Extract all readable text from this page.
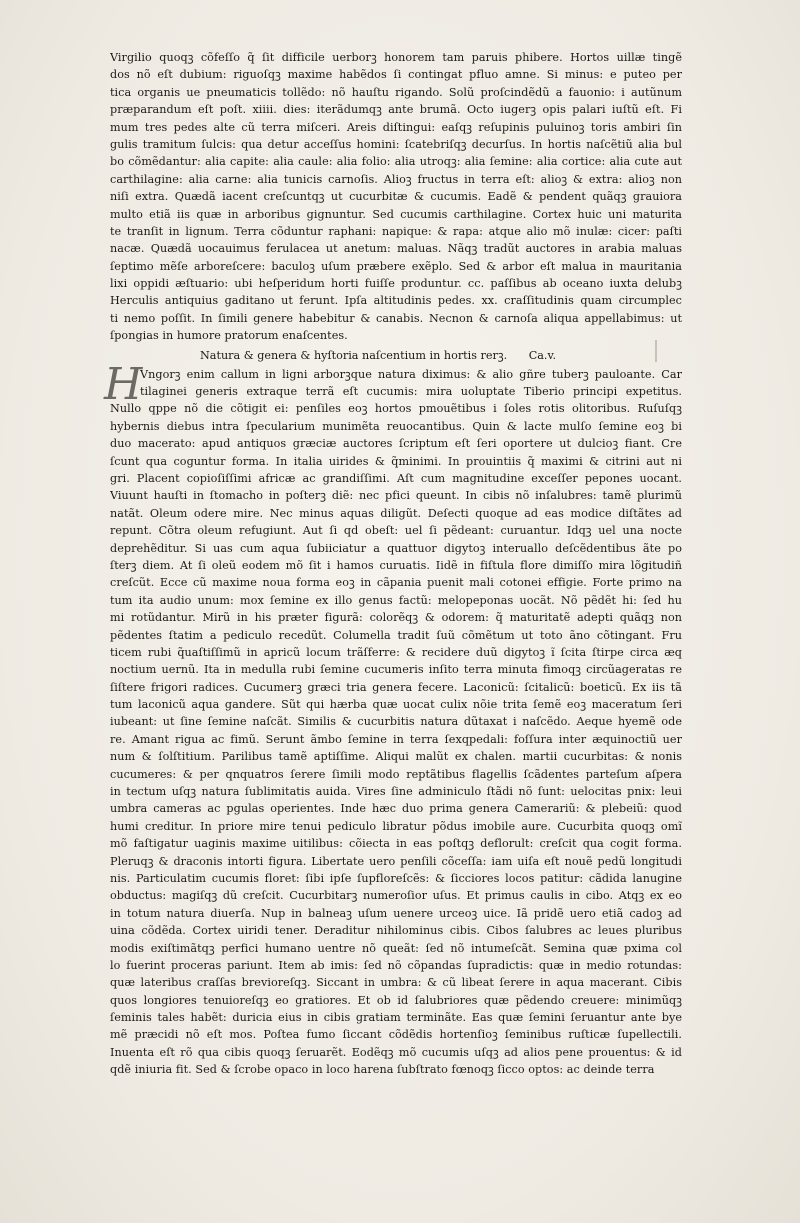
Virgilio quoqꝫ cõfeſſo q̃ ſit difficile uerborꝫ honorem tam paruis phibere. Hortos uillæ tingẽ
dos nõ eſt dubium: riguoſqꝫ maxime habẽdos ſi contingat pfluo amne. Si minus: e puteo per
tica organis ue pneumaticis tollẽdo: nõ hauſtu rigando. Solũ proſcindẽdũ a fauonio: i autũnum
præparandum eſt poſt. xiiii. dies: iterãdumqꝫ ante brumã. Octo iugerꝫ opis palari iuſtũ eſt. Fi
mum tres pedes alte cũ terra miſceri. Areis diſtingui: eaſqꝫ reſupinis puluinoꝫ toris ambiri ſin
gulis tramitum ſulcis: qua detur acceſſus homini: ſcatebriſqꝫ decurſus. In hortis naſcẽtiũ alia bul
bo cõmẽdantur: alia capite: alia caule: alia folio: alia utroqꝫ: alia ſemine: alia cortice: alia cute aut
carthilagine: alia carne: alia tunicis carnoſis. Alioꝫ fructus in terra eſt: alioꝫ & extra: alioꝫ non
niſi extra. Quædã iacent creſcuntqꝫ ut cucurbitæ & cucumis. Eadẽ & pendent quãqꝫ grauiora
multo etiã iis quæ in arboribus gignuntur. Sed cucumis carthilagine. Cortex huic uni maturita
te tranſit in lignum. Terra cõduntur raphani: napique: & rapa: atque alio mõ inulæ: cicer: paſti
nacæ. Quædã uocauimus ferulacea ut anetum: maluas. Nãqꝫ tradũt auctores in arabia maluas
ſeptimo mẽſe arboreſcere: baculoꝫ uſum præbere exẽplo. Sed & arbor eſt malua in mauritania
lixi oppidi æſtuario: ubi heſperidum horti fuiſſe produntur. cc. paſſibus ab oceano iuxta delubꝫ
Herculis antiquius gaditano ut ferunt. Ipſa altitudinis pedes. xx. craſſitudinis quam circumplec
ti nemo poſſit. In ſimili genere habebitur & canabis. Necnon & carnoſa aliqua appellabimus: ut
ſpongias in humore pratorum enaſcentes.
Natura & genera & hyſtoria naſcentium in hortis rerꝫ. Ca.v.
H
Vngorꝫ enim callum in ligni arborꝫque natura diximus: & alio gñre tuberꝫ pauloante. Car
tilaginei generis extraque terrã eſt cucumis: mira uoluptate Tiberio principi expetitus.
Nullo qppe nõ die cõtigit ei: penſiles eoꝫ hortos pmouẽtibus i ſoles rotis olitoribus. Ruſuſqꝫ
hybernis diebus intra ſpecularium munimẽta reuocantibus. Quin & lacte mulſo ſemine eoꝫ bi
duo macerato: apud antiquos græciæ auctores ſcriptum eſt ſeri oportere ut dulcioꝫ fiant. Cre
ſcunt qua coguntur forma. In italia uirides & q̃minimi. In prouintiis q̃ maximi & citrini aut ni
gri. Placent copioſiſſimi africæ ac grandiſſimi. Aſt cum magnitudine exceſſer pepones uocant.
Viuunt hauſti in ſtomacho in poſterꝫ diẽ: nec pfici queunt. In cibis nõ inſalubres: tamẽ plurimũ
natãt. Oleum odere mire. Nec minus aquas diligũt. Deſecti quoque ad eas modice diſtãtes ad
repunt. Cõtra oleum refugiunt. Aut ſi qd obeſt: uel ſi pẽdeant: curuantur. Idqꝫ uel una nocte
deprehẽditur. Si uas cum aqua ſubiiciatur a quattuor digytoꝫ interuallo deſcẽdentibus ãte po
ſterꝫ diem. At ſi oleũ eodem mõ ſit i hamos curuatis. Iidẽ in fiſtula flore dimiſſo mira lõgitudiñ
creſcũt. Ecce cũ maxime noua forma eoꝫ in cãpania puenit mali cotonei effigie. Forte primo na
tum ita audio unum: mox ſemine ex illo genus factũ: melopeponas uocãt. Nõ pẽdẽt hi: ſed hu
mi rotũdantur. Mirũ in his præter figurã: colorẽqꝫ & odorem: q̃ maturitatẽ adepti quãqꝫ non
pẽdentes ſtatim a pediculo recedũt. Columella tradit ſuũ cõmẽtum ut toto ãno cõtingant. Fru
ticem rubi q̃uaſtiſſimũ in apricũ locum trãſferre: & recidere duũ digytoꝫ ĩ ſcita ſtirpe circa æq
noctium uernũ. Ita in medulla rubi ſemine cucumeris inſito terra minuta fimoqꝫ circũageratas re
ſiſtere frigori radices. Cucumerꝫ græci tria genera fecere. Laconicũ: ſcitalicũ: boeticũ. Ex iis tã
tum laconicũ aqua gandere. Sũt qui hærba quæ uocat culix nõie trita ſemẽ eoꝫ maceratum ſeri
iubeant: ut ſine ſemine naſcãt. Similis & cucurbitis natura dũtaxat i naſcẽdo. Aeque hyemẽ ode
re. Amant rigua ac fimũ. Serunt ãmbo ſemine in terra ſexqpedali: foſſura inter æquinoctiũ uer
num & ſolſtitium. Parilibus tamẽ aptiſſime. Aliqui malũt ex chalen. martii cucurbitas: & nonis
cucumeres: & per qnquatros ſerere ſimili modo reptãtibus flagellis ſcãdentes parteſum aſpera
in tectum uſqꝫ natura ſublimitatis auida. Vires ſine adminiculo ſtãdi nõ ſunt: uelocitas pnix: leui
umbra cameras ac pgulas operientes. Inde hæc duo prima genera Camerariũ: & plebeiũ: quod
humi creditur. In priore mire tenui pediculo libratur põdus imobile aure. Cucurbita quoqꝫ omĩ
mõ faſtigatur uaginis maxime uitilibus: cõiecta in eas poſtqꝫ deflorult: creſcit qua cogit forma.
Pleruqꝫ & draconis intorti figura. Libertate uero penſili cõceſſa: iam uiſa eſt nouẽ pedũ longitudi
nis. Particulatim cucumis floret: ſibi ipſe ſupfloreſcẽs: & ſicciores locos patitur: cãdida lanugine
obductus: magiſqꝫ dũ creſcit. Cucurbitarꝫ numeroſior uſus. Et primus caulis in cibo. Atqꝫ ex eo
in totum natura diuerſa. Nup in balneaꝫ uſum uenere urceoꝫ uice. Iã pridẽ uero etiã cadoꝫ ad
uina cõdẽda. Cortex uiridi tener. Deraditur nihilominus cibis. Cibos ſalubres ac leues pluribus
modis exiſtimãtqꝫ perfici humano uentre nõ queãt: ſed nõ intumeſcãt. Semina quæ pxima col
lo fuerint proceras pariunt. Item ab imis: ſed nõ cõpandas ſupradictis: quæ in medio rotundas:
quæ lateribus craſſas brevioreſqꝫ. Siccant in umbra: & cũ libeat ſerere in aqua macerant. Cibis
quos longiores tenuioreſqꝫ eo gratiores. Et ob id ſalubriores quæ pẽdendo creuere: minimũqꝫ
ſeminis tales habẽt: duricia eius in cibis gratiam terminãte. Eas quæ ſemini ſeruantur ante bye
mẽ præcidi nõ eſt mos. Poſtea fumo ſiccant cõdẽdis hortenſioꝫ ſeminibus ruſticæ ſupellectili.
Inuenta eſt rõ qua cibis quoqꝫ ſeruarẽt. Eodẽqꝫ mõ cucumis uſqꝫ ad alios pene prouentus: & id
qdẽ iniuria fit. Sed & ſcrobe opaco in loco harena ſubſtrato fœnoqꝫ ſicco optos: ac deinde terra
